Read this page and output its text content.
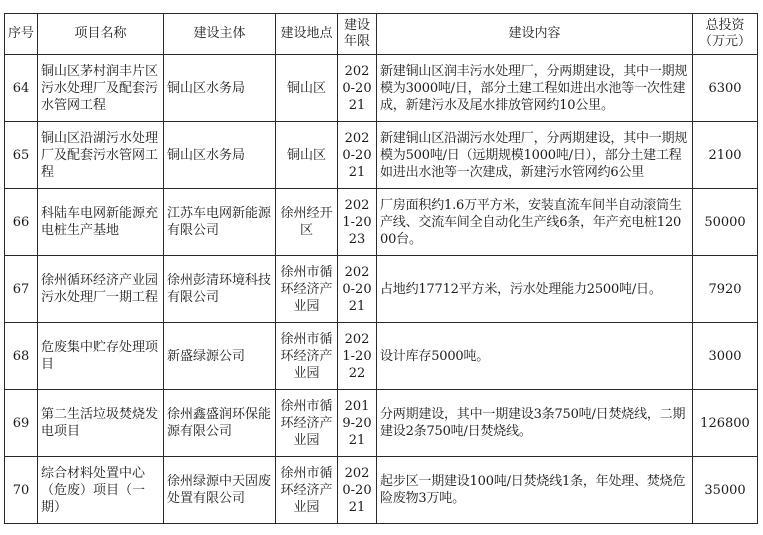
序号	项目名称	建设主体	建设地点	建设年限	建设内容	总投资（万元）
64	铜山区茅村润丰片区污水处理厂及配套污水管网工程	铜山区水务局	铜山区	2020-2021	新建铜山区润丰污水处理厂，分两期建设，其中一期规模为3000吨/日，部分土建工程如进出水池等一次性建成，新建污水及尾水排放管网约10公里。	6300
65	铜山区沿湖污水处理厂及配套污水管网工程	铜山区水务局	铜山区	2020-2021	新建铜山区沿湖污水处理厂，分两期建设，其中一期规模为500吨/日（远期规模1000吨/日），部分土建工程如进出水池等一次建成，新建污水管网约6公里	2100
66	科陆车电网新能源充电桩生产基地	江苏车电网新能源有限公司	徐州经开区	2021-2023	厂房面积约1.6万平方米，安装直流车间半自动滚筒生产线、交流车间全自动化生产线6条，年产充电桩12000台。	50000
67	徐州循环经济产业园污水处理厂一期工程	徐州彭清环境科技有限公司	徐州市循环经济产业园	2020-2021	占地约17712平方米，污水处理能力2500吨/日。	7920
68	危废集中贮存处理项目	新盛绿源公司	徐州市循环经济产业园	2021-2022	设计库存5000吨。	3000
69	第二生活垃圾焚烧发电项目	徐州鑫盛润环保能源有限公司	徐州市循环经济产业园	2019-2021	分两期建设，其中一期建设3条750吨/日焚烧线，二期建设2条750吨/日焚烧线。	126800
70	综合材料处置中心（危废）项目（一期）	徐州绿源中天固废处置有限公司	徐州市循环经济产业园	2020-2021	起步区一期建设100吨/日焚烧线1条，年处理、焚烧危险废物3万吨。	35000
